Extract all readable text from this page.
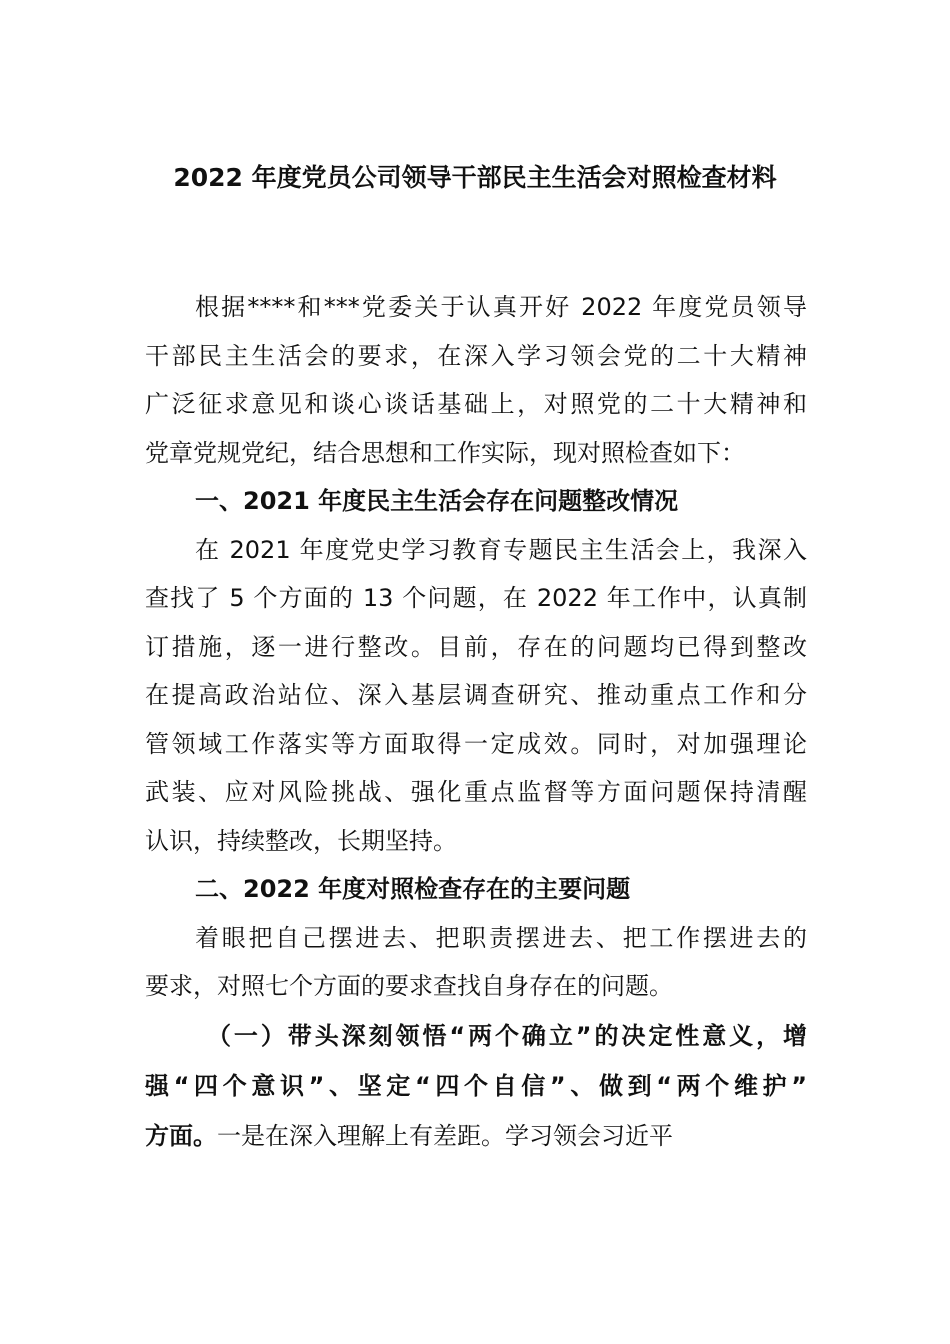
2022 年度党员公司领导干部民主生活会对照检查材料
根据****和***党委关于认真开好 2022 年度党员领导
干部民主生活会的要求，在深入学习领会党的二十大精神
广泛征求意见和谈心谈话基础上，对照党的二十大精神和
党章党规党纪，结合思想和工作实际，现对照检查如下：
一、2021 年度民主生活会存在问题整改情况
在 2021 年度党史学习教育专题民主生活会上，我深入
查找了 5 个方面的 13 个问题，在 2022 年工作中，认真制
订措施，逐一进行整改。目前，存在的问题均已得到整改
在提高政治站位、深入基层调查研究、推动重点工作和分
管领域工作落实等方面取得一定成效。同时，对加强理论
武装、应对风险挑战、强化重点监督等方面问题保持清醒
认识，持续整改，长期坚持。
二、2022 年度对照检查存在的主要问题
着眼把自己摆进去、把职责摆进去、把工作摆进去的
要求，对照七个方面的要求查找自身存在的问题。
（一）带头深刻领悟“两个确立”的决定性意义，增
强“四个意识”、坚定“四个自信”、做到“两个维护”
方面。一是在深入理解上有差距。学习领会习近平
